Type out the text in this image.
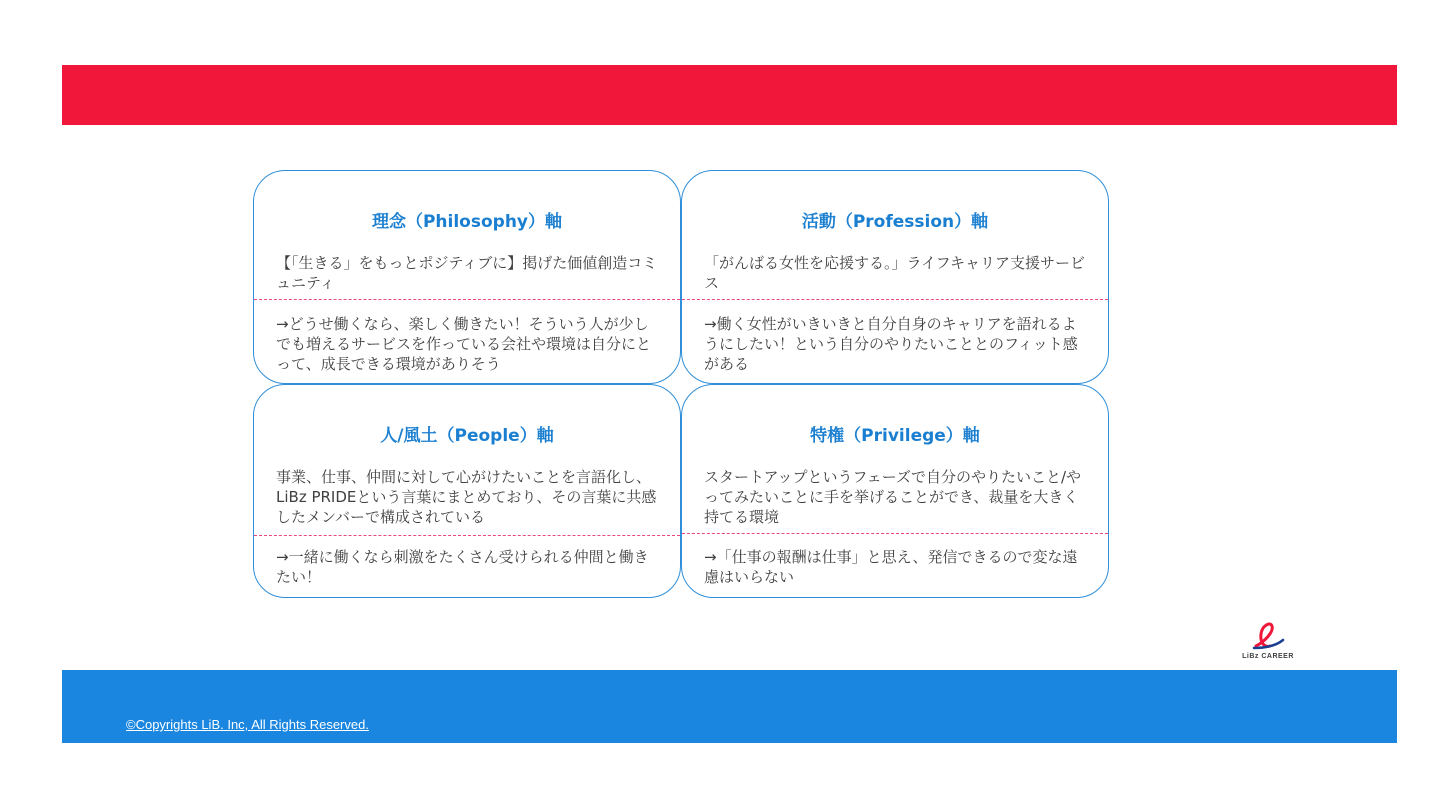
理念（Philosophy）軸
【「生きる」をもっとポジティブに】掲げた価値創造コミュニティ
→どうせ働くなら、楽しく働きたい！そういう人が少しでも増えるサービスを作っている会社や環境は自分にとって、成長できる環境がありそう
活動（Profession）軸
「がんばる女性を応援する。」ライフキャリア支援サービス
→働く女性がいきいきと自分自身のキャリアを語れるようにしたい！という自分のやりたいこととのフィット感がある
人/風土（People）軸
事業、仕事、仲間に対して心がけたいことを言語化し、LiBz PRIDEという言葉にまとめており、その言葉に共感したメンバーで構成されている
→一緒に働くなら刺激をたくさん受けられる仲間と働きたい！
特権（Privilege）軸
スタートアップというフェーズで自分のやりたいこと/やってみたいことに手を挙げることができ、裁量を大きく持てる環境
→「仕事の報酬は仕事」と思え、発信できるので変な遠慮はいらない
LiBz CAREER
©Copyrights LiB. Inc, All Rights Reserved.
